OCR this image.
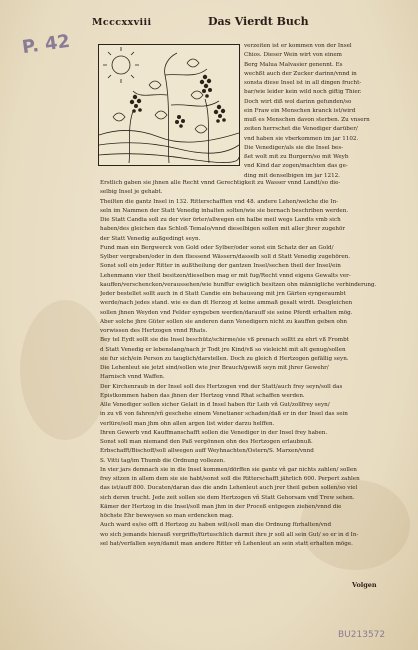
P. 42
Mcccxxviii	Das Vierdt Buch
verzeiten ist er kommen von der Insel
Chios. Dieser Wein wirt von einem
Berg Malua Malvasier genennt. Es
wechßt auch der Zucker darinn/vnnd in
sonsta diese Insel ist in all dingen frucht-
bar/wie leider kein wild noch giftig Thier.
Doch wirt diß wol darinn gefunden/so
ein Fraw ein Menschen kranck ist/wird
muß es Menschen davon sterben. Zu vnsern
zeiten herrschet die Venediger darüber/
vnd haben sie vberkommen im jar 1102.
Die Venediger/als sie die Insel bes-
ßet wolt mit zu Burgern/so mit Weyb
vnd Kind dar zogen/machten das ge-
ding mit denselbigen im jar 1212.
Erstlich gaben sie jhnen alle Recht vnnd Gerechtigkeit zu Wasser vnnd Landt/so die-
selbig Insel je gehabt.
Theilten die gantz Insel in 132. Ritterschafften vnd 48. andere Lehen/welche die In-
seln im Nammen der Statt Venedig inhalten solten/wie sie hernach beschriben werden.
Die Statt Candia soll zu der vier örter/allwegen ein halbe meil wegs Landts vmb sich
haben/des gleichen das Schloß Temalo/vnnd dieselbigen sollen mit aller jhrer zugehör
der Statt Venedig außgedingt seyn.
Fund man ein Bergwerck von Gold oder Sylber/oder sonst ein Schatz der an Gold/
Sylber vergraben/oder in den fliessend Wässern/dasselb soll d Statt Venedig zugehören.
Sonst soll ein jeder Ritter in außtheilung der gantzen Insel/sechen theil der Insel/ein
Lehenmann vier theil besitzen/dieselben mag er mit fug/Recht vnnd eigens Gewalts ver-
kauffen/verschencken/veraussehen/wie hunffur ewiglich besitzen ohn männigliche verhinderung.
Jeder bestellet sollt auch in d Statt Candie ein behausung mit jrn Gärten eyngeraumbt
werde/nach jedes stand. wie es dan dt Herzog zt keine ammaß gesalt wirdt. Desgleichen
sollen jhnen Weyden vnd Felder eyngeben werden/darauff sie seine Pferdt erhalten mög.
Aber solche jhre Güter sollen sie anderen dann Venedigern nicht zu kauffen geben ohn
vorwissen des Hertzogen vnnd Rhats.
Bey tel Eydt sollt sie die Insel beschütz/schirme/sie vß prenach solltt zu ehrt vß Frombt
d Statt Venedig er lebenslang/nach jr Todt jre Kind/vß so vieleicht mit alt genug/sollen
sie fur sich/ein Person zu tauglich/darstellen. Doch zu gleich d Hertzogen gefällig seyn.
Die Lehenleut sie jetzt sind/sollen wie jrer Brauch/gewiß seyn mit jhrer Gewehr/
Harnisch vnnd Waffen.
Der Kirchenraub in der Insel soll des Hertzogen vnd der Statt/auch frey seyn/soll das
Epistkommen haben das jhnen der Hertzog vnnd Rhat schaffen werden.
Alle Venediger sollen sicher Gelait in d Insel haben für Leib vñ Gut/zollfrey seyn/
in zu vß von fahren/vñ geschehe einem Venetianer schaden/daß er in der Insel das sein
verlüre/soll man jhm ohn allen argen list wider darzu helffen.
Ihren Gewerb vnd Kauffmanschafft sollen die Venediger in der Insel frey haben.
Sonst soll man niemand den Paß vergönnen ohn des Hertzogen erlaubnuß.
Erbschafft/Bischoff/soll allwegen auff Weyhnachten/Ostern/S. Marxen/vnnd
S. Vitti tag/im Thumb die Ordnung vollezen.
In vier jars demnach sie in die Insel kommen/dörffen sie gantz vñ gar nichts zahlen/ sollen
frey sitzen in allem dem sie sie habt/sonst soll die Ritterschafft jährlich 600. Perpert zahlen
das ist/auff 800. Ducaten/daran das die andn Lehenleut auch jrer theil geben sollen/so viel
sich deren trucht. Jede zeit sollen sie dem Hertzogen vñ Statt Gehorsam vnd Trew sehen.
Kämer der Hertzog in die Insel/soll man jhm in der Proceß entgegen ziehen/vnnd die
höchste Ehr beweysen so man erdencken mag.
Auch ward es/so offt d Hertzog zu haben will/soll man die Ordnung fürhalten/vnd
wo sich jemands hierauß vergriffe/fürtuschlich darmit ihre jr soll all sein Gut/ so er in d In-
sel hat/verfallen seyn/damit man andere Ritter vñ Lehenleut an sein statt erhalten möge.
Volgen
BU213572
